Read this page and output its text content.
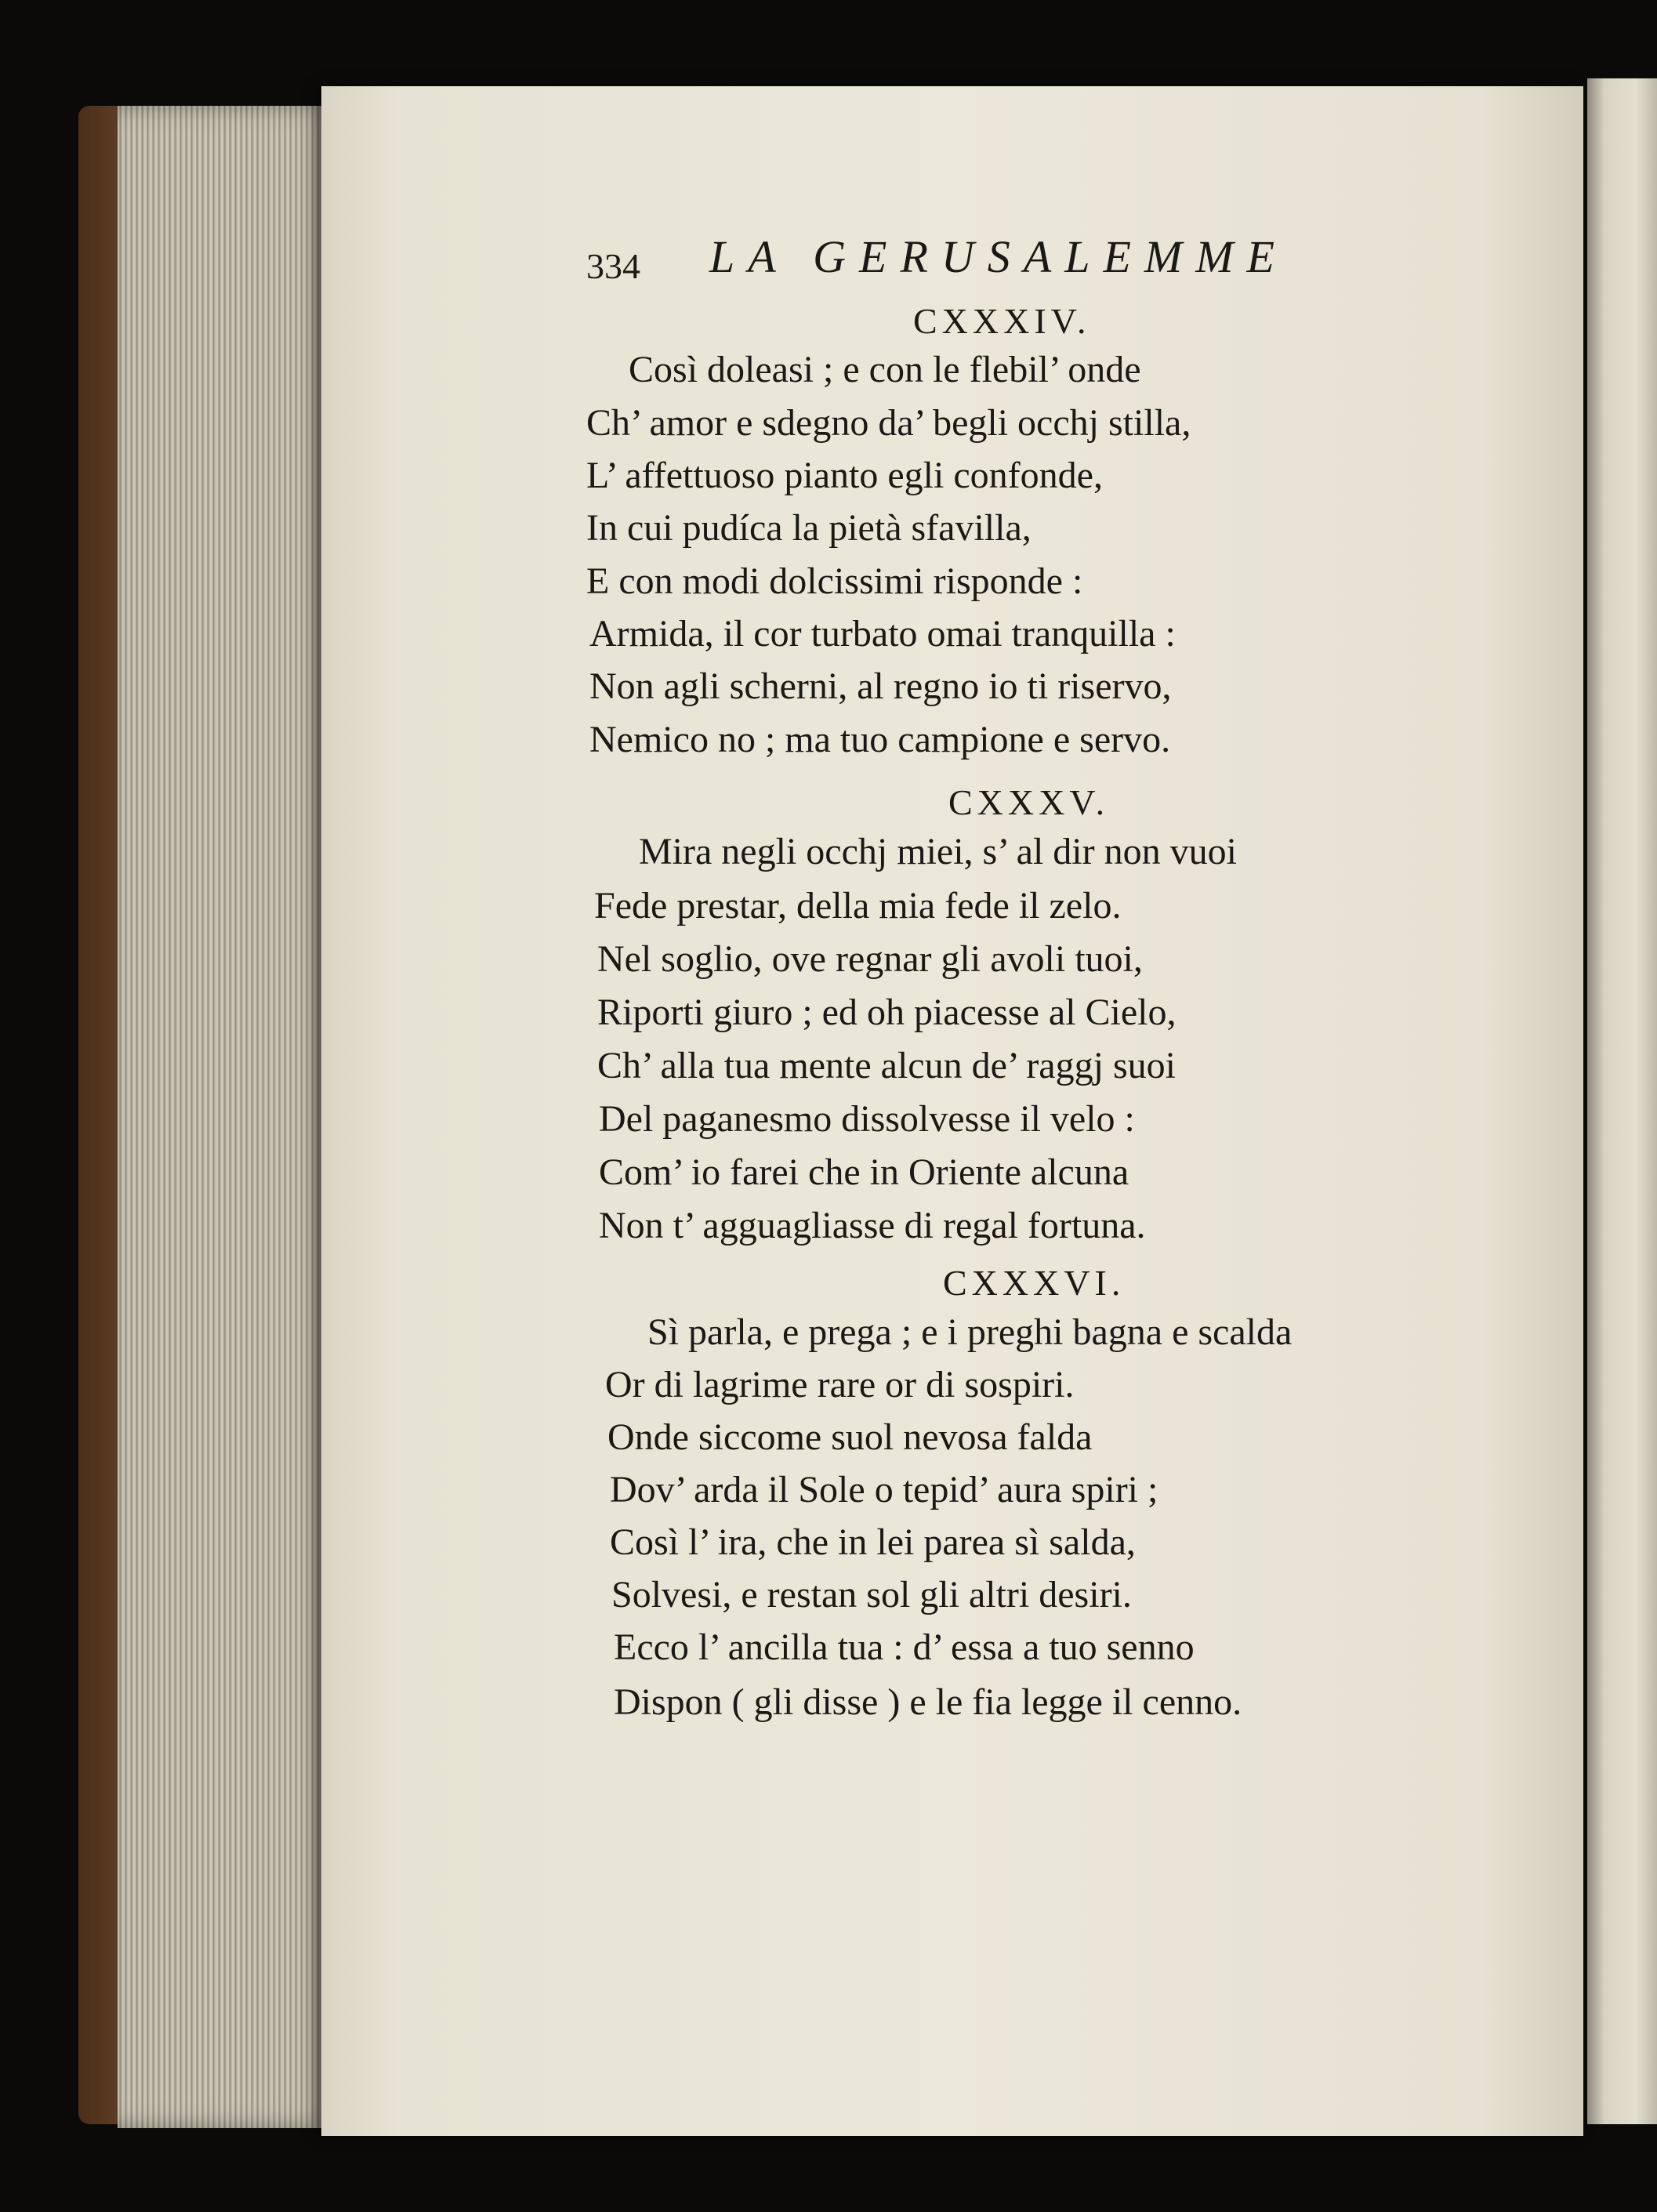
334 LA GERUSALEMME
CXXXIV.
Così doleasi ; e con le flebil’ onde
Ch’ amor e sdegno da’ begli occhj stilla,
L’ affettuoso pianto egli confonde,
In cui pudíca la pietà sfavilla,
E con modi dolcissimi risponde :
Armida, il cor turbato omai tranquilla :
Non agli scherni, al regno io ti riservo,
Nemico no ; ma tuo campione e servo.
CXXXV.
Mira negli occhj miei, s’ al dir non vuoi
Fede prestar, della mia fede il zelo.
Nel soglio, ove regnar gli avoli tuoi,
Riporti giuro ; ed oh piacesse al Cielo,
Ch’ alla tua mente alcun de’ raggj suoi
Del paganesmo dissolvesse il velo :
Com’ io farei che in Oriente alcuna
Non t’ agguagliasse di regal fortuna.
CXXXVI.
Sì parla, e prega ; e i preghi bagna e scalda
Or di lagrime rare or di sospiri.
Onde siccome suol nevosa falda
Dov’ arda il Sole o tepid’ aura spiri ;
Così l’ ira, che in lei parea sì salda,
Solvesi, e restan sol gli altri desiri.
Ecco l’ ancilla tua : d’ essa a tuo senno
Dispon ( gli disse ) e le fia legge il cenno.
